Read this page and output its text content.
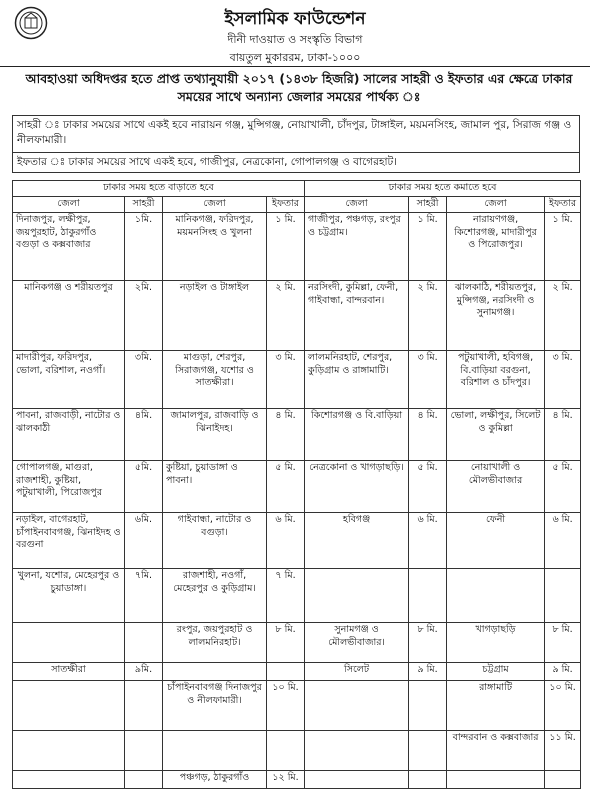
ইসলামিক ফাউন্ডেশন
দীনী দাওয়াত ও সংস্কৃতি বিভাগ
বায়তুল মুকাররম, ঢাকা-১০০০
আবহাওয়া অধিদপ্তর হতে প্রাপ্ত তথ্যানুযায়ী ২০১৭ (১৪৩৮ হিজরি) সালের সাহরী ও ইফতার এর ক্ষেত্রে ঢাকার সময়ের সাথে অন্যান্য জেলার সময়ের পার্থক্য ঃ
সাহরী ঃ ঢাকার সময়ের সাথে একই হবে নারায়ন গঞ্জ, মুন্সিগঞ্জ, নোয়াখালী, চাঁদপুর, টাঙ্গাইল, ময়মনসিংহ, জামাল পুর, সিরাজ গঞ্জ ও নীলফামারী।
ইফতার ঃ ঢাকার সময়ের সাথে একই হবে, গাজীপুর, নেত্রকোনা, গোপালগঞ্জ ও বাগেরহাট।
ঢাকার সময় হতে বাড়াতে হবে				ঢাকার সময় হতে কমাতে হবে			
জেলা	সাহরী	জেলা	ইফতার	জেলা	সাহরী	জেলা	ইফতার
দিনাজপুর, লক্ষীপুর, জয়পুরহাট, ঠাকুরগাঁও বগুড়া ও কক্সবাজার	১মি.	মানিকগঞ্জ, ফরিদপুর, ময়মনসিংহ ও খুলনা	১ মি.	গাজীপুর, পঞ্চগড়, রংপুর ও চট্টগ্রাম।	১ মি.	নারায়ণগঞ্জ, কিশোরগঞ্জ, মাদারীপুর ও পিরোজপুর।	১ মি.
মানিকগঞ্জ ও শরীয়তপুর	২মি.	নড়াইল ও টাঙ্গাইল	২ মি.	নরসিংদী, কুমিল্লা, ফেনী, গাইবান্ধা, বান্দরবান।	২ মি.	ঝালকাঠি, শরীয়তপুর, মুন্সিগঞ্জ, নরসিংদী ও সুনামগঞ্জ।	২ মি.
মাদারীপুর, ফরিদপুর, ভোলা, বরিশাল, নওগাঁ।	৩মি.	মাগুড়া, শেরপুর, সিরাজগঞ্জ, যশোর ও সাতক্ষীরা।	৩ মি.	লালমনিরহাট, শেরপুর, কুড়িগ্রাম ও রাঙ্গামাটি।	৩ মি.	পটুয়াখালী, হবিগঞ্জ, বি.বাড়িয়া বরগুনা, বরিশাল ও চাঁদপুর।	৩ মি.
পাবনা, রাজবাড়ী, নাটোর ও ঝালকাঠী	৪মি.	জামালপুর, রাজবাড়ি ও ঝিনাইদহ।	৪ মি.	কিশোরগঞ্জ ও বি.বাড়িয়া	৪ মি.	ভোলা, লক্ষীপুর, সিলেট ও কুমিল্লা	৪ মি.
গোপালগঞ্জ, মাগুরা, রাজশাহী, কুষ্টিয়া, পটুয়াখালী, পিরোজপুর	৫মি.	কুষ্টিয়া, চুয়াডাঙ্গা ও পাবনা।	৫ মি.	নেত্রকোনা ও খাগড়াছড়ি।	৫ মি.	নোয়াখালী ও মৌলভীবাজার	৫ মি.
নড়াইল, বাগেরহাট, চাঁপাইনবাবগঞ্জ, ঝিনাইদহ ও বরগুনা	৬মি.	গাইবান্ধা, নাটোর ও বগুড়া।	৬ মি.	হবিগঞ্জ	৬ মি.	ফেনী	৬ মি.
খুলনা, যশোর, মেহেরপুর ও চুয়াডাঙ্গা।	৭মি.	রাজশাহী, নওগাঁ, মেহেরপুর ও কুড়িগ্রাম।	৭ মি.				
		রংপুর, জয়পুরহাট ও লালমনিরহাট।	৮ মি.	সুনামগঞ্জ ও মৌলভীবাজার।	৮ মি.	খাগড়াছড়ি	৮ মি.
সাতক্ষীরা	৯মি.			সিলেট	৯ মি.	চট্টগ্রাম	৯ মি.
		চাঁপাইনবাবগঞ্জ দিনাজপুর ও নীলফামারী।	১০ মি.			রাঙ্গামাটি	১০ মি.
						বান্দরবান ও কক্সবাজার	১১ মি.
		পঞ্চগড়, ঠাকুরগাঁও	১২ মি.				
